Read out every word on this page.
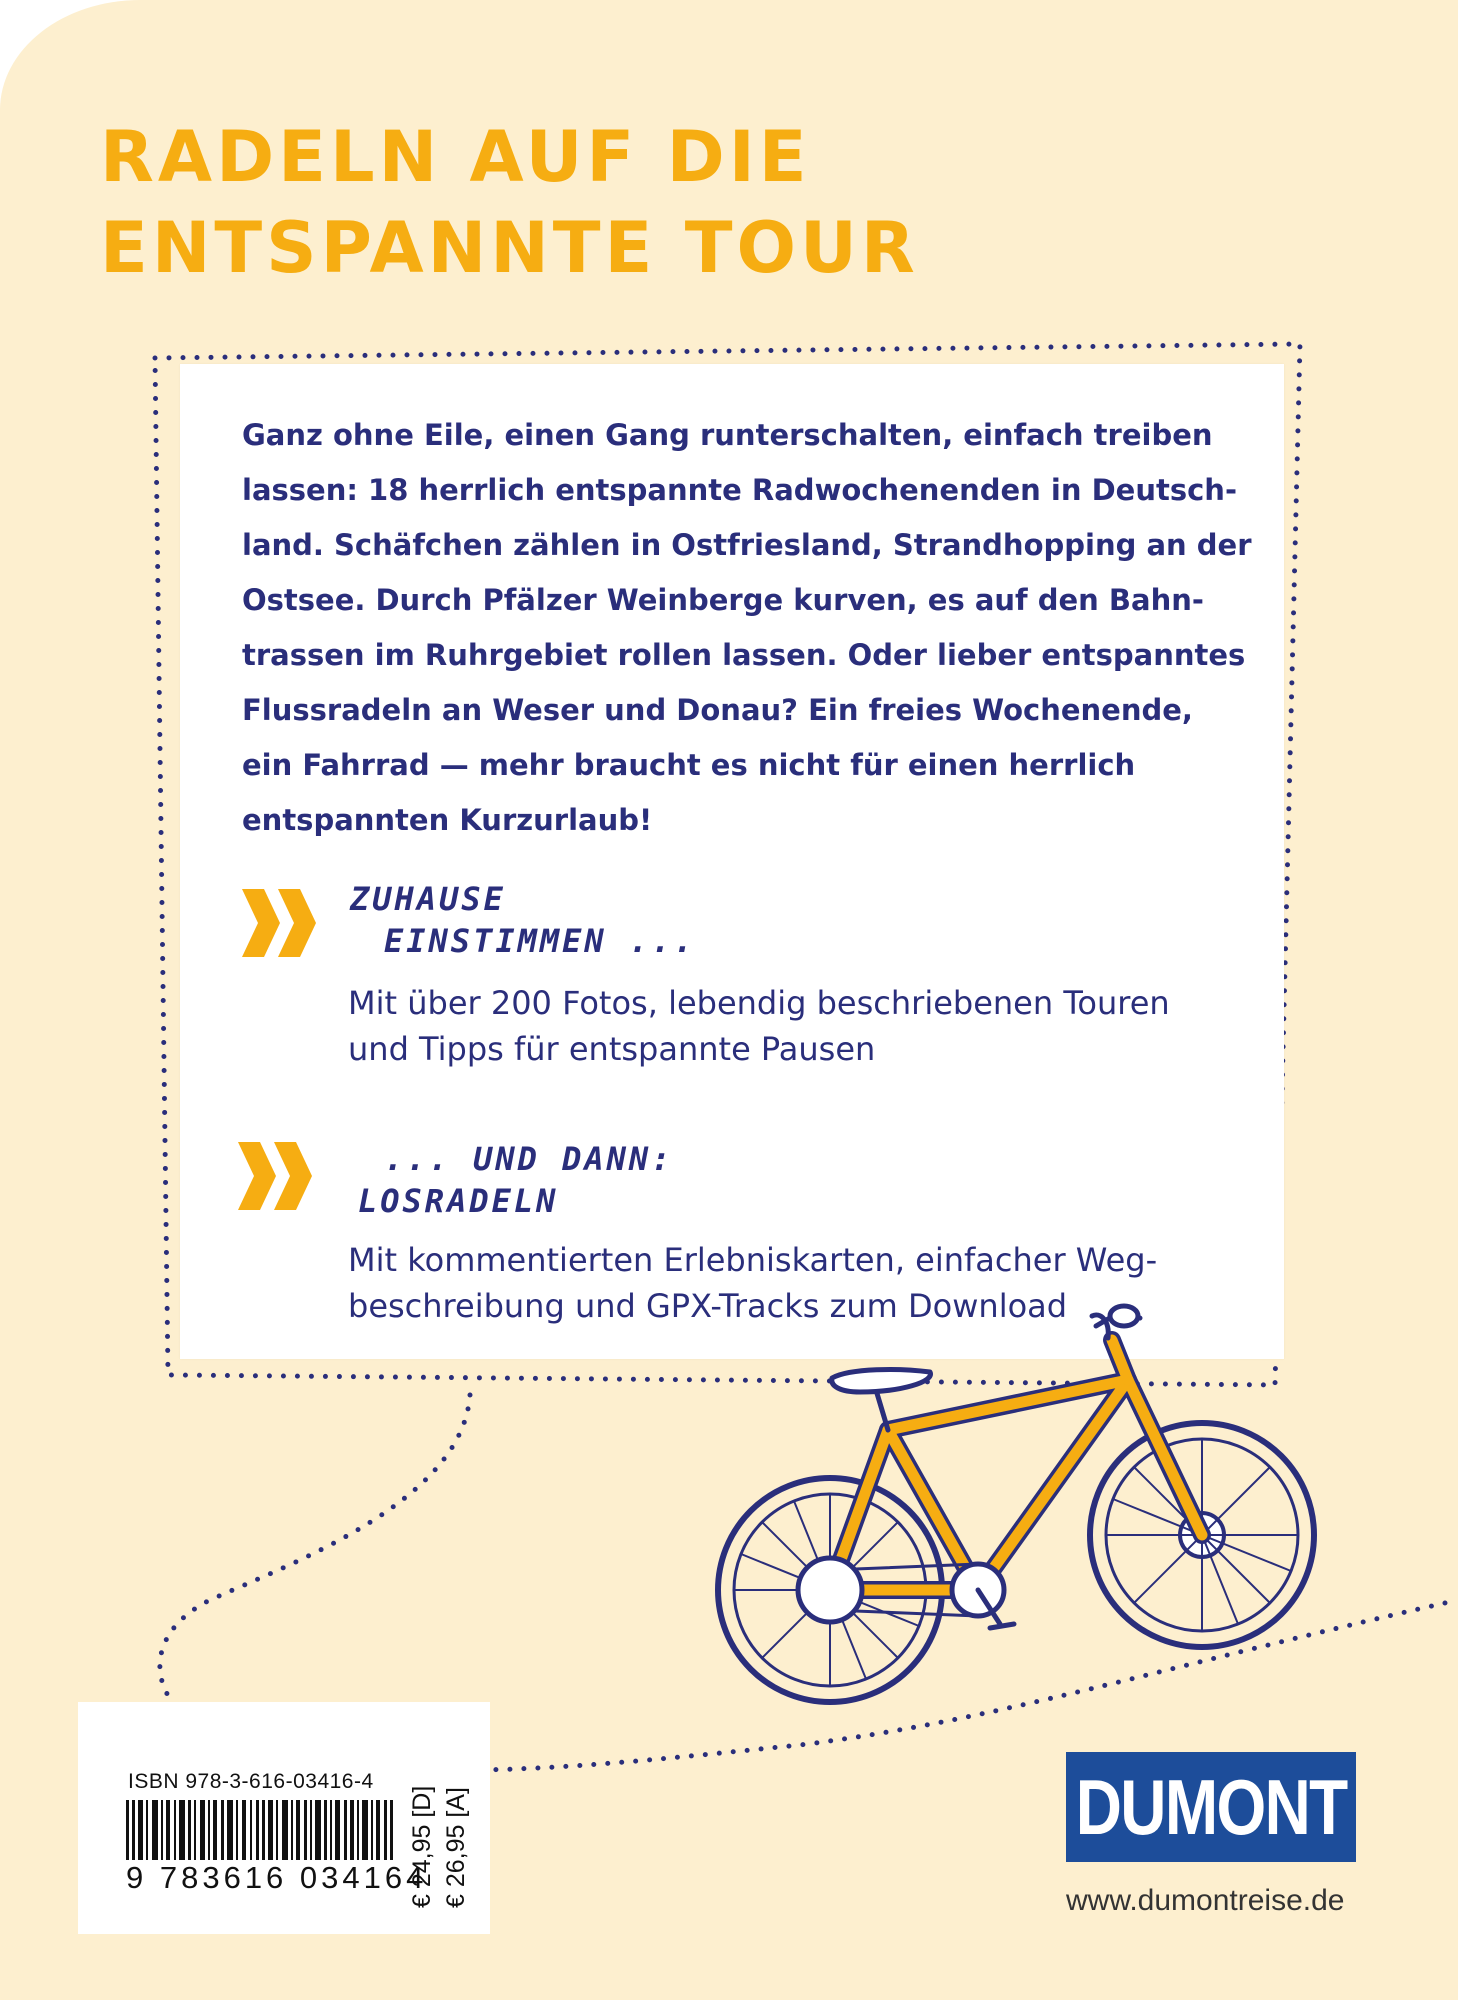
RADELN AUF DIE
ENTSPANNTE TOUR

Ganz ohne Eile, einen Gang runterschalten, einfach treiben
lassen: 18 herrlich entspannte Radwochenenden in Deutsch-
land. Schäfchen zählen in Ostfriesland, Strandhopping an der
Ostsee. Durch Pfälzer Weinberge kurven, es auf den Bahn-
trassen im Ruhrgebiet rollen lassen. Oder lieber entspanntes
Flussradeln an Weser und Donau? Ein freies Wochenende,
ein Fahrrad — mehr braucht es nicht für einen herrlich
entspannten Kurzurlaub!

ZUHAUSE

EINSTIMMEN ...

Mit über 200 Fotos, lebendig beschriebenen Touren
und Tipps für entspannte Pausen

... UND DANN:

LOSRADELN

Mit kommentierten Erlebniskarten, einfacher Weg-
beschreibung und GPX-Tracks zum Download

ISBN 978-3-616-03416-4

9 783616 034164

€ 24,95 [D] € 26,95 [A]	DUMONT

www.dumontreise.de
